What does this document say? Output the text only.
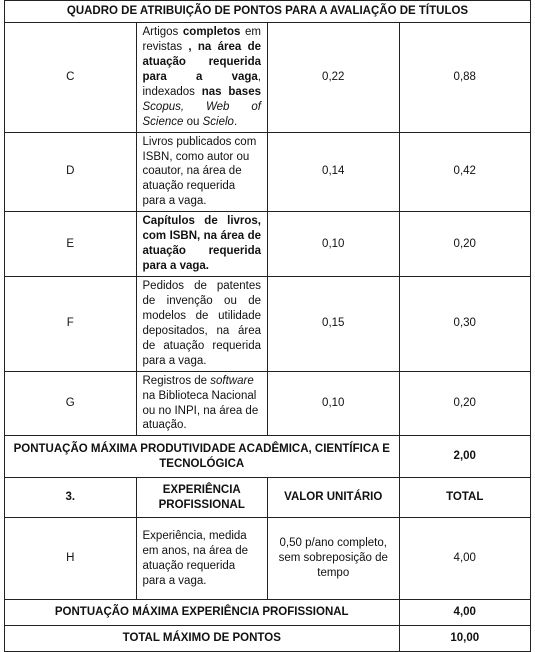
QUADRO DE ATRIBUIÇÃO DE PONTOS PARA A AVALIAÇÃO DE TÍTULOS			
C	Artigos completos em revistas , na área de atuação requerida para a vaga, indexados nas bases Scopus, Web of Science ou Scielo.	0,22	0,88
D	Livros publicados com ISBN, como autor ou coautor, na área de atuação requerida para a vaga.	0,14	0,42
E	Capítulos de livros, com ISBN, na área de atuação requerida para a vaga.	0,10	0,20
F	Pedidos de patentes de invenção ou de modelos de utilidade depositados, na área de atuação requerida para a vaga.	0,15	0,30
G	Registros de software na Biblioteca Nacional ou no INPI, na área de atuação.	0,10	0,20
PONTUAÇÃO MÁXIMA PRODUTIVIDADE ACADÊMICA, CIENTÍFICA E TECNOLÓGICA			2,00
3.	EXPERIÊNCIA PROFISSIONAL	VALOR UNITÁRIO	TOTAL
H	Experiência, medida em anos, na área de atuação requerida para a vaga.	0,50 p/ano completo, sem sobreposição de tempo	4,00
PONTUAÇÃO MÁXIMA EXPERIÊNCIA PROFISSIONAL			4,00
TOTAL MÁXIMO DE PONTOS			10,00
